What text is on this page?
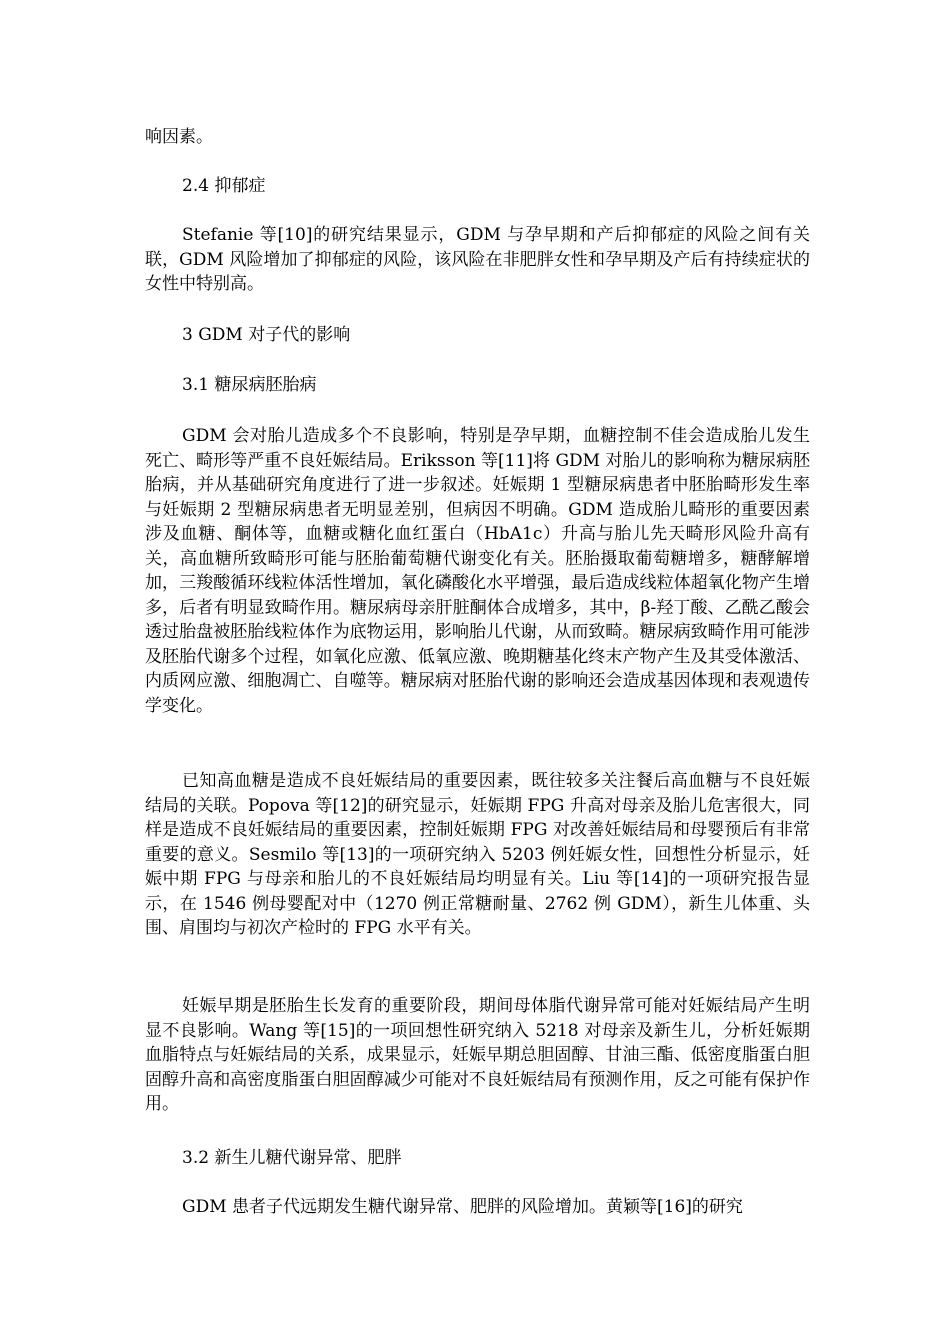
响因素。
2.4 抑郁症
Stefanie 等[10]的研究结果显示，GDM 与孕早期和产后抑郁症的风险之间有关联，GDM 风险增加了抑郁症的风险，该风险在非肥胖女性和孕早期及产后有持续症状的女性中特别高。
3 GDM 对子代的影响
3.1 糖尿病胚胎病
GDM 会对胎儿造成多个不良影响，特别是孕早期，血糖控制不佳会造成胎儿发生死亡、畸形等严重不良妊娠结局。Eriksson 等[11]将 GDM 对胎儿的影响称为糖尿病胚胎病，并从基础研究角度进行了进一步叙述。妊娠期 1 型糖尿病患者中胚胎畸形发生率与妊娠期 2 型糖尿病患者无明显差别，但病因不明确。GDM 造成胎儿畸形的重要因素涉及血糖、酮体等，血糖或糖化血红蛋白（HbA1c）升高与胎儿先天畸形风险升高有关，高血糖所致畸形可能与胚胎葡萄糖代谢变化有关。胚胎摄取葡萄糖增多，糖酵解增加，三羧酸循环线粒体活性增加，氧化磷酸化水平增强，最后造成线粒体超氧化物产生增多，后者有明显致畸作用。糖尿病母亲肝脏酮体合成增多，其中，β-羟丁酸、乙酰乙酸会透过胎盘被胚胎线粒体作为底物运用，影响胎儿代谢，从而致畸。糖尿病致畸作用可能涉及胚胎代谢多个过程，如氧化应激、低氧应激、晚期糖基化终末产物产生及其受体激活、内质网应激、细胞凋亡、自噬等。糖尿病对胚胎代谢的影响还会造成基因体现和表观遗传学变化。
已知高血糖是造成不良妊娠结局的重要因素，既往较多关注餐后高血糖与不良妊娠结局的关联。Popova 等[12]的研究显示，妊娠期 FPG 升高对母亲及胎儿危害很大，同样是造成不良妊娠结局的重要因素，控制妊娠期 FPG 对改善妊娠结局和母婴预后有非常重要的意义。Sesmilo 等[13]的一项研究纳入 5203 例妊娠女性，回想性分析显示，妊娠中期 FPG 与母亲和胎儿的不良妊娠结局均明显有关。Liu 等[14]的一项研究报告显示，在 1546 例母婴配对中（1270 例正常糖耐量、2762 例 GDM），新生儿体重、头围、肩围均与初次产检时的 FPG 水平有关。
妊娠早期是胚胎生长发育的重要阶段，期间母体脂代谢异常可能对妊娠结局产生明显不良影响。Wang 等[15]的一项回想性研究纳入 5218 对母亲及新生儿，分析妊娠期血脂特点与妊娠结局的关系，成果显示，妊娠早期总胆固醇、甘油三酯、低密度脂蛋白胆固醇升高和高密度脂蛋白胆固醇减少可能对不良妊娠结局有预测作用，反之可能有保护作用。
3.2 新生儿糖代谢异常、肥胖
GDM 患者子代远期发生糖代谢异常、肥胖的风险增加。黄颖等[16]的研究
